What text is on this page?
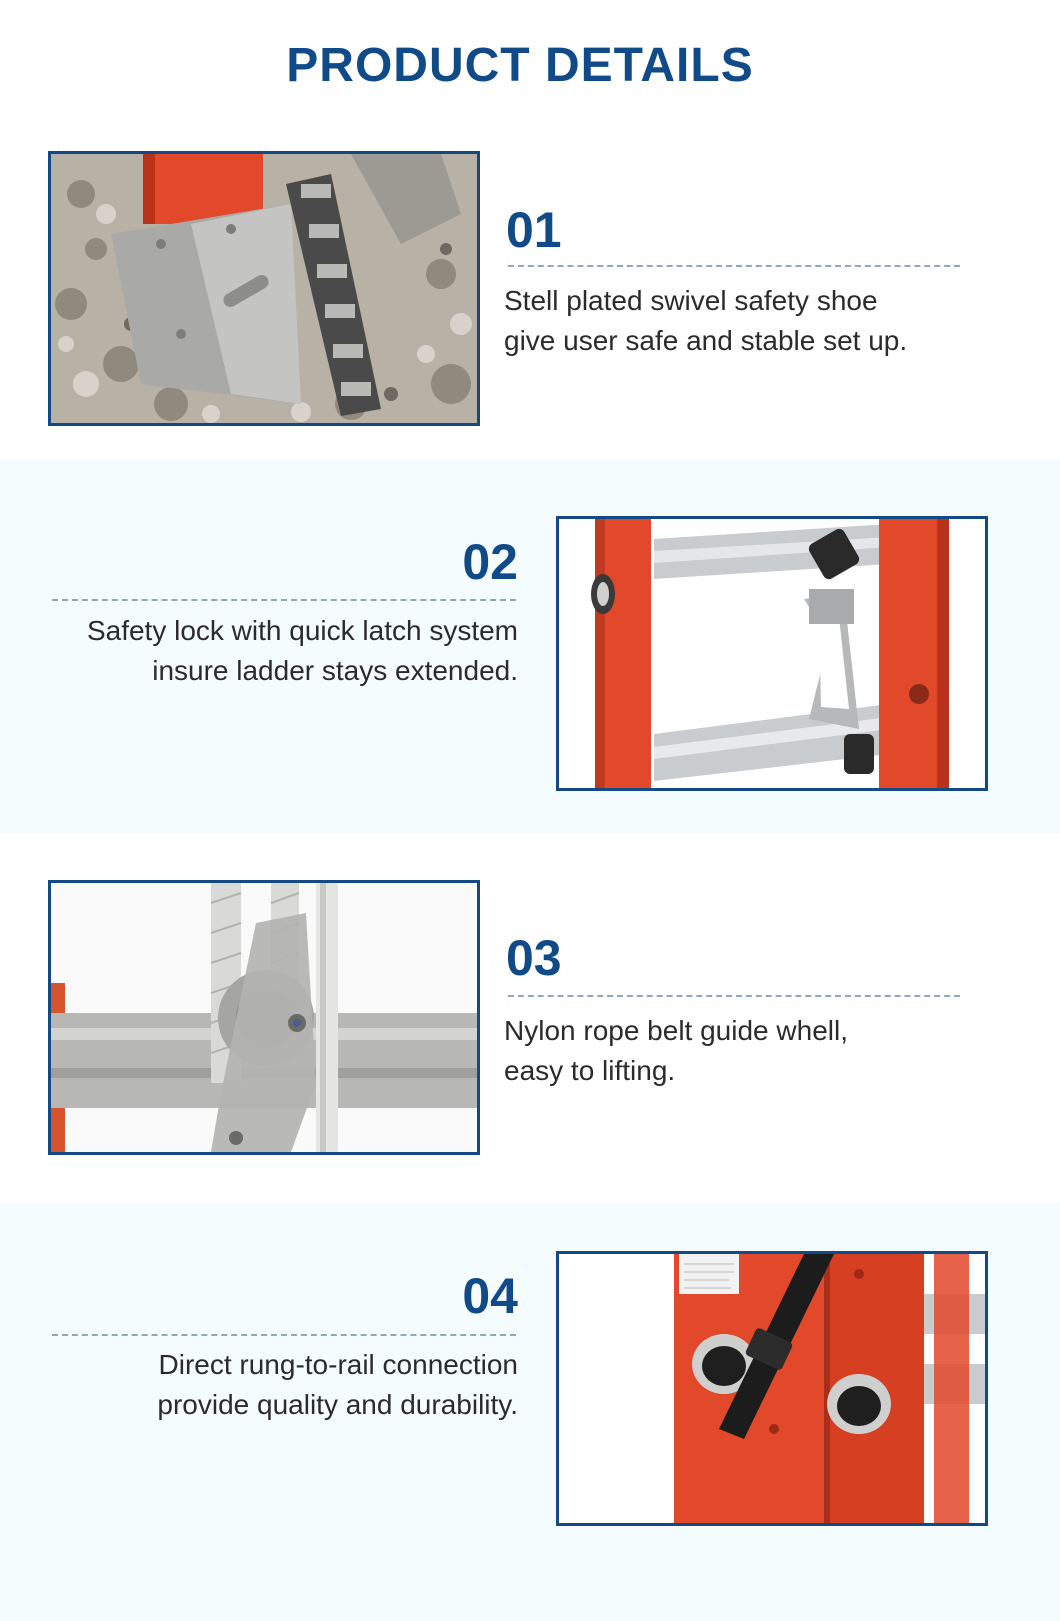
PRODUCT DETAILS
01
Stell plated swivel safety shoe
give user safe and stable set up.
02
Safety lock with quick latch system
insure ladder stays extended.
03
Nylon rope belt guide whell,
easy to lifting.
04
Direct rung-to-rail connection
provide quality and durability.
